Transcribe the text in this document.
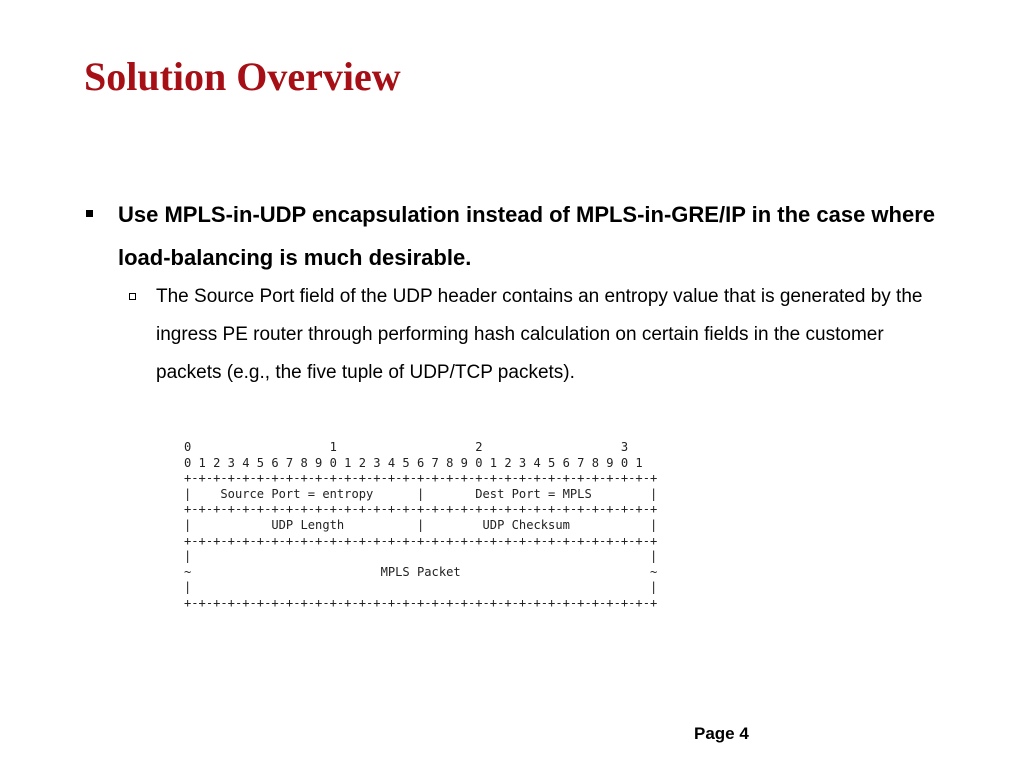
Solution Overview
Use MPLS-in-UDP encapsulation instead of MPLS-in-GRE/IP in the case where load-balancing is much desirable.
The Source Port field of the UDP header contains an entropy value that is generated by the ingress PE router through performing hash calculation on certain fields in the customer packets (e.g., the five tuple of UDP/TCP packets).
0                   1                   2                   3
0 1 2 3 4 5 6 7 8 9 0 1 2 3 4 5 6 7 8 9 0 1 2 3 4 5 6 7 8 9 0 1
+-+-+-+-+-+-+-+-+-+-+-+-+-+-+-+-+-+-+-+-+-+-+-+-+-+-+-+-+-+-+-+-+
|    Source Port = entropy      |       Dest Port = MPLS        |
+-+-+-+-+-+-+-+-+-+-+-+-+-+-+-+-+-+-+-+-+-+-+-+-+-+-+-+-+-+-+-+-+
|           UDP Length          |        UDP Checksum           |
+-+-+-+-+-+-+-+-+-+-+-+-+-+-+-+-+-+-+-+-+-+-+-+-+-+-+-+-+-+-+-+-+
|                                                               |
~                          MPLS Packet                          ~
|                                                               |
+-+-+-+-+-+-+-+-+-+-+-+-+-+-+-+-+-+-+-+-+-+-+-+-+-+-+-+-+-+-+-+-+
Page 4
